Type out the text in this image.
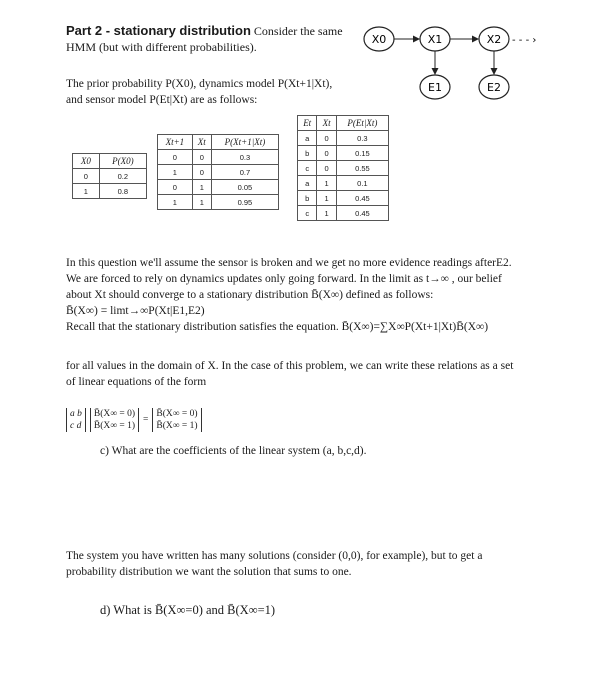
Part 2 - stationary distribution Consider the same
HMM (but with different probabilities).
X0	X1	X2
E1	E2
- - - ›
The prior probability P(X0), dynamics model P(Xt+1|Xt),
and sensor model P(Et|Xt) are as follows:
X0	P(X0)
0	0.2
1	0.8
Xt+1	Xt	P(Xt+1|Xt)
0	0	0.3
1	0	0.7
0	1	0.05
1	1	0.95
Et	Xt	P(Et|Xt)
a	0	0.3
b	0	0.15
c	0	0.55
a	1	0.1
b	1	0.45
c	1	0.45
In this question we'll assume the sensor is broken and we get no more evidence readings afterE2.
We are forced to rely on dynamics updates only going forward. In the limit as t→∞ , our belief
about Xt should converge to a stationary distribution B̄(X∞) defined as follows:
B̄(X∞) = limt→∞P(Xt|E1,E2)
Recall that the stationary distribution satisfies the equation. B̄(X∞)=∑X∞P(Xt+1|Xt)B̄(X∞)
for all values in the domain of X. In the case of this problem, we can write these relations as a set
of linear equations of the form
a b
c d
B̄(X∞ = 0)
B̄(X∞ = 1)
=
B̄(X∞ = 0)
B̄(X∞ = 1)
c) What are the coefficients of the linear system (a, b,c,d).
The system you have written has many solutions (consider (0,0), for example), but to get a
probability distribution we want the solution that sums to one.
d) What is B̄(X∞=0) and B̄(X∞=1)
